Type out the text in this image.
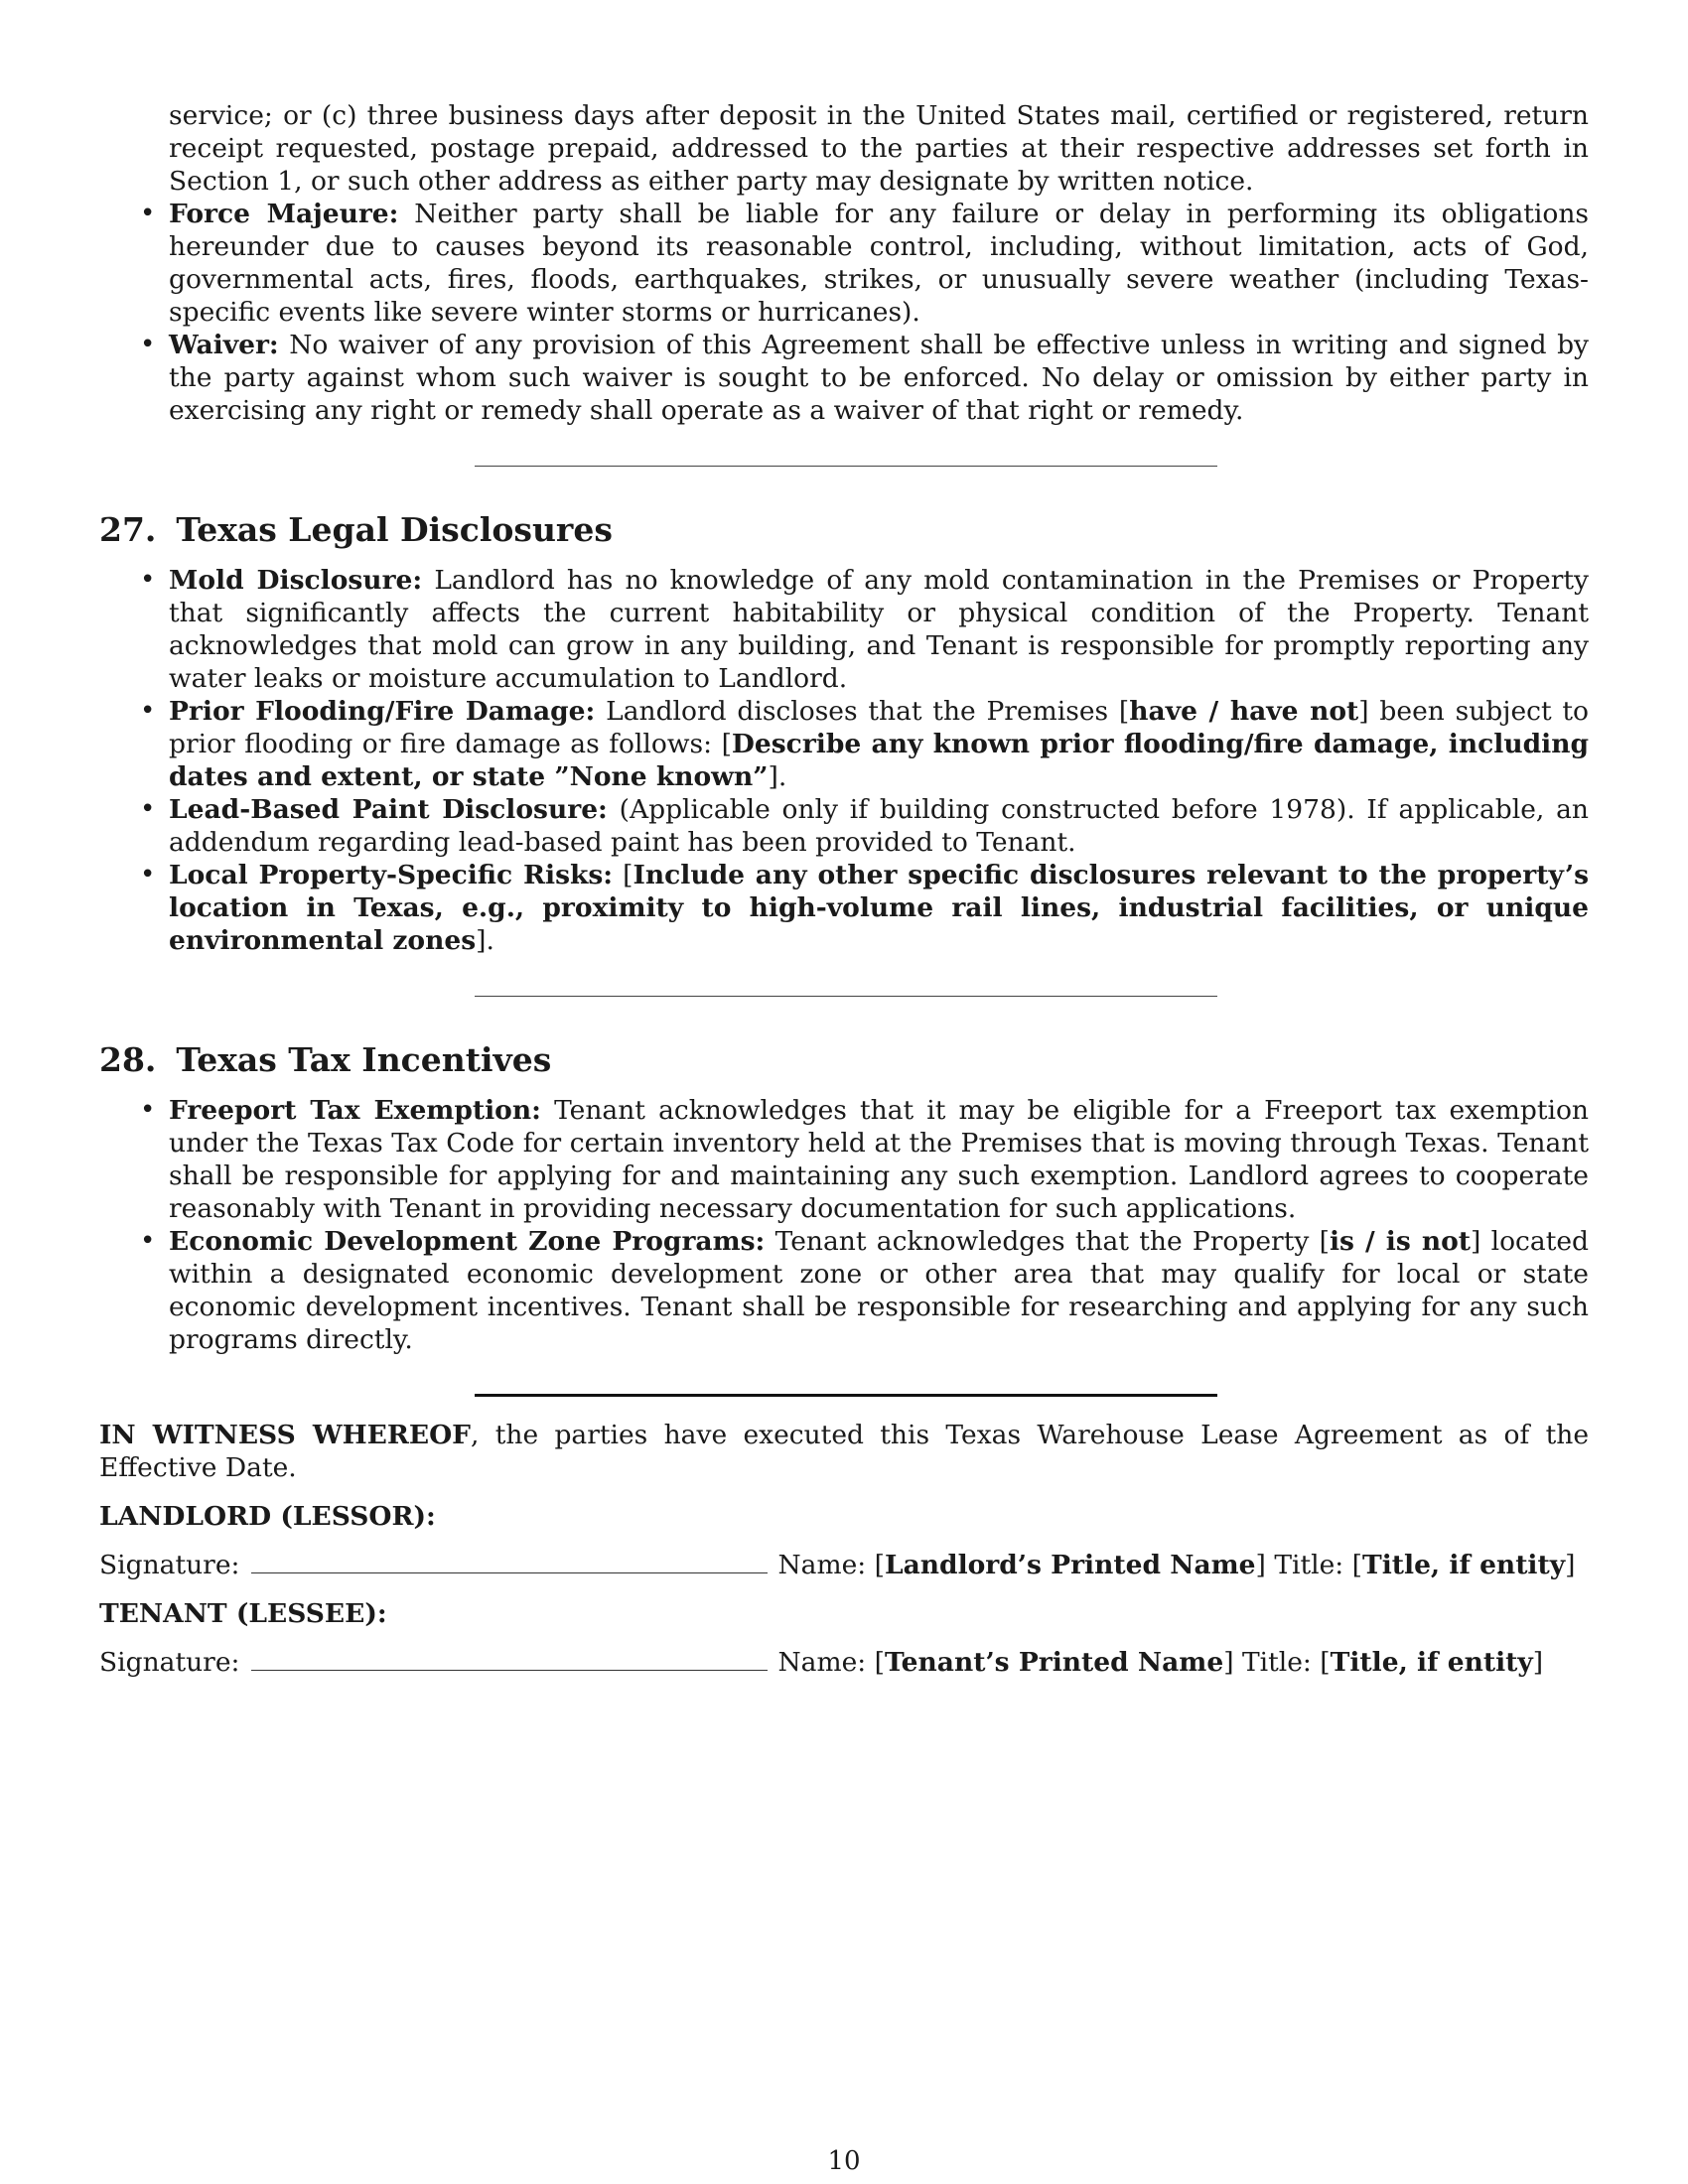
service; or (c) three business days after deposit in the United States mail, certified or registered, return receipt requested, postage prepaid, addressed to the parties at their respective addresses set forth in Section 1, or such other address as either party may designate by written notice.
• Force Majeure: Neither party shall be liable for any failure or delay in performing its obligations hereunder due to causes beyond its reasonable control, including, without limitation, acts of God, governmental acts, fires, floods, earthquakes, strikes, or unusually severe weather (including Texas-specific events like severe winter storms or hurricanes).
• Waiver: No waiver of any provision of this Agreement shall be effective unless in writing and signed by the party against whom such waiver is sought to be enforced. No delay or omission by either party in exercising any right or remedy shall operate as a waiver of that right or remedy.
27. Texas Legal Disclosures
• Mold Disclosure: Landlord has no knowledge of any mold contamination in the Premises or Property that significantly affects the current habitability or physical condition of the Property. Tenant acknowledges that mold can grow in any building, and Tenant is responsible for promptly reporting any water leaks or moisture accumulation to Landlord.
• Prior Flooding/Fire Damage: Landlord discloses that the Premises [have / have not] been subject to prior flooding or fire damage as follows: [Describe any known prior flooding/fire damage, including dates and extent, or state ”None known”].
• Lead-Based Paint Disclosure: (Applicable only if building constructed before 1978). If applicable, an addendum regarding lead-based paint has been provided to Tenant.
• Local Property-Specific Risks: [Include any other specific disclosures relevant to the property’s location in Texas, e.g., proximity to high-volume rail lines, industrial facilities, or unique environmental zones].
28. Texas Tax Incentives
• Freeport Tax Exemption: Tenant acknowledges that it may be eligible for a Freeport tax exemption under the Texas Tax Code for certain inventory held at the Premises that is moving through Texas. Tenant shall be responsible for applying for and maintaining any such exemption. Landlord agrees to cooperate reasonably with Tenant in providing necessary documentation for such applications.
• Economic Development Zone Programs: Tenant acknowledges that the Property [is / is not] located within a designated economic development zone or other area that may qualify for local or state economic development incentives. Tenant shall be responsible for researching and applying for any such programs directly.
IN WITNESS WHEREOF, the parties have executed this Texas Warehouse Lease Agreement as of the Effective Date.
LANDLORD (LESSOR):
Signature:	Name: [Landlord’s Printed Name] Title: [Title, if entity]
TENANT (LESSEE):
Signature:	Name: [Tenant’s Printed Name] Title: [Title, if entity]
10
